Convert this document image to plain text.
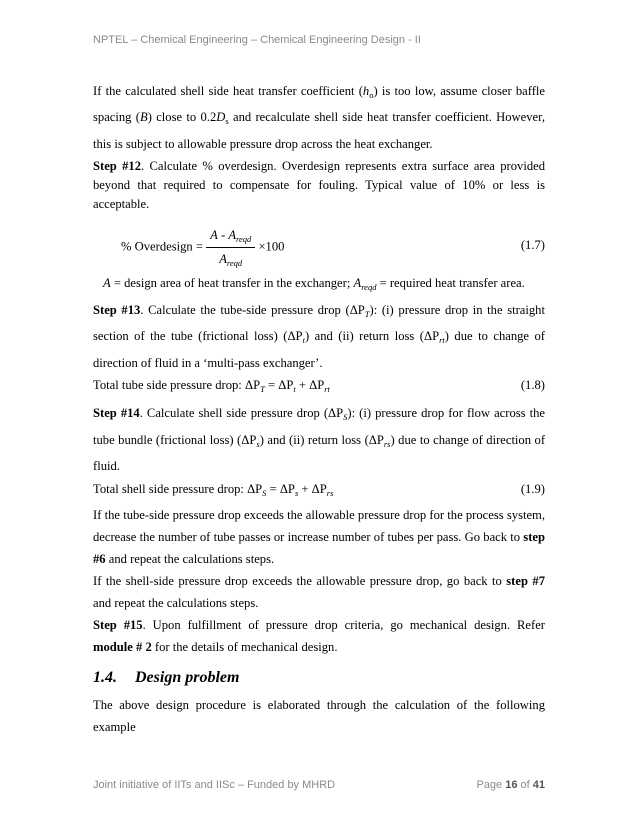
NPTEL – Chemical Engineering – Chemical Engineering Design - II

If the calculated shell side heat transfer coefficient $(h_o)$ is too low, assume closer baffle spacing (B) close to $0.2D_s$ and recalculate shell side heat transfer coefficient. However, this is subject to allowable pressure drop across the heat exchanger.

Step #12. Calculate % overdesign. Overdesign represents extra surface area provided beyond that required to compensate for fouling. Typical value of 10% or less is acceptable.

% Overdesign = $\frac{A - A_{reqd}}{A_{reqd}} \times 100$	(1.7)

A = design area of heat transfer in the exchanger; $A_{reqd}$ = required heat transfer area.

Step #13. Calculate the tube-side pressure drop $(\Delta P_T)$: (i) pressure drop in the straight section of the tube (frictional loss) $(\Delta P_t)$ and (ii) return loss $(\Delta P_{rt})$ due to change of direction of fluid in a ‘multi-pass exchanger’.

Total tube side pressure drop: $\Delta P_T = \Delta P_t + \Delta P_{rt}$	(1.8)

Step #14. Calculate shell side pressure drop $(\Delta P_S)$: (i) pressure drop for flow across the tube bundle (frictional loss) $(\Delta P_s)$ and (ii) return loss $(\Delta P_{rs})$ due to change of direction of fluid.

Total shell side pressure drop: $\Delta P_S = \Delta P_s + \Delta P_{rs}$	(1.9)

If the tube-side pressure drop exceeds the allowable pressure drop for the process system, decrease the number of tube passes or increase number of tubes per pass. Go back to step #6 and repeat the calculations steps.

If the shell-side pressure drop exceeds the allowable pressure drop, go back to step #7 and repeat the calculations steps.

Step #15. Upon fulfillment of pressure drop criteria, go mechanical design. Refer module # 2 for the details of mechanical design.

1.4. Design problem

The above design procedure is elaborated through the calculation of the following example

Joint initiative of IITs and IISc – Funded by MHRD	Page 16 of 41
